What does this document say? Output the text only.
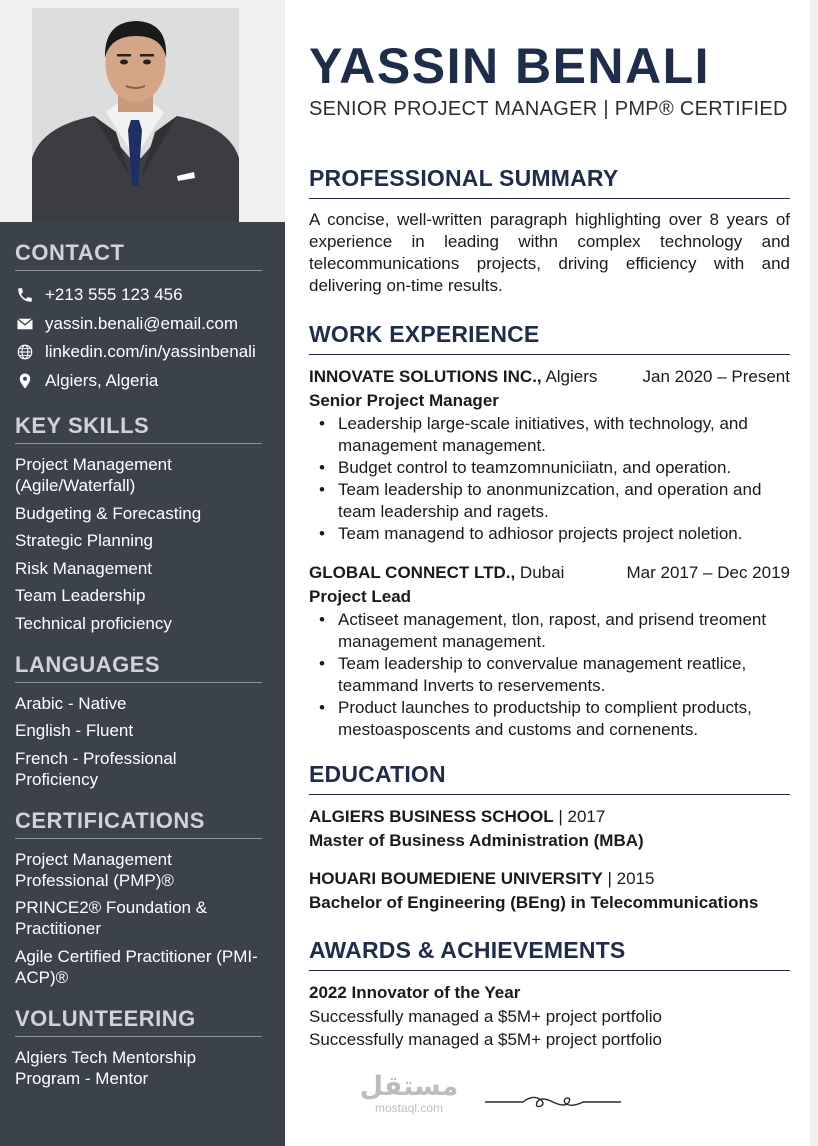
CONTACT
+213 555 123 456
yassin.benali@email.com
linkedin.com/in/yassinbenali
Algiers, Algeria
KEY SKILLS
Project Management (Agile/Waterfall)
Budgeting & Forecasting
Strategic Planning
Risk Management
Team Leadership
Technical proficiency
LANGUAGES
Arabic - Native
English - Fluent
French - Professional Proficiency
CERTIFICATIONS
Project Management Professional (PMP)®
PRINCE2® Foundation & Practitioner
Agile Certified Practitioner (PMI-ACP)®
VOLUNTEERING
Algiers Tech Mentorship Program - Mentor
YASSIN BENALI
SENIOR PROJECT MANAGER | PMP® CERTIFIED
PROFESSIONAL SUMMARY
A concise, well-written paragraph highlighting over 8 years of experience in leading withn complex technology and telecommunications projects, driving efficiency with and delivering on-time results.
WORK EXPERIENCE
INNOVATE SOLUTIONS INC., Algiers	Jan 2020 – Present
Senior Project Manager
• Leadership large-scale initiatives, with technology, and management management.
• Budget control to teamzomnuniciiatn, and operation.
• Team leadership to anonmunizcation, and operation and team leadership and ragets.
• Team managend to adhiosor projects project noletion.
GLOBAL CONNECT LTD., Dubai	Mar 2017 – Dec 2019
Project Lead
• Actiseet management, tlon, rapost, and prisend treoment management management.
• Team leadership to convervalue management reatlice, teammand Inverts to reservements.
• Product launches to productship to complient products, mestoasposcents and customs and cornenents.
EDUCATION
ALGIERS BUSINESS SCHOOL | 2017
Master of Business Administration (MBA)
HOUARI BOUMEDIENE UNIVERSITY | 2015
Bachelor of Engineering (BEng) in Telecommunications
AWARDS & ACHIEVEMENTS
2022 Innovator of the Year
Successfully managed a $5M+ project portfolio
Successfully managed a $5M+ project portfolio
مستقل
mostaql.com
